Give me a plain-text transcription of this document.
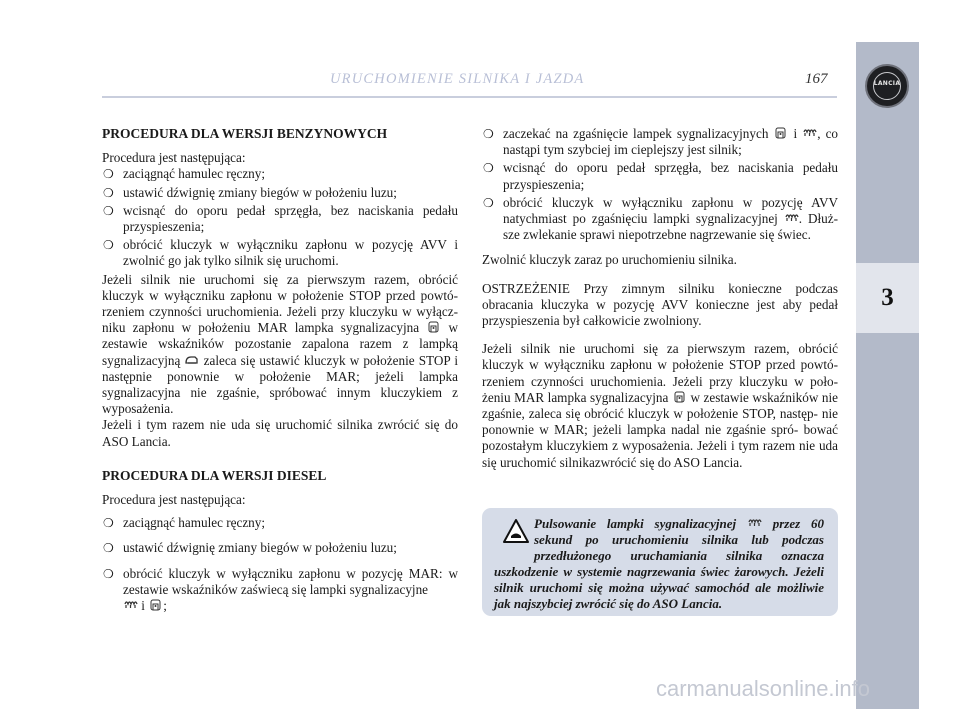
URUCHOMIENIE SILNIKA I JAZDA	167	LANCIA
3
PROCEDURA DLA WERSJI BENZYNOWYCH

Procedura jest następująca:

❍ zaciągnąć hamulec ręczny;
❍ ustawić dźwignię zmiany biegów w położeniu luzu;
❍ wcisnąć do oporu pedał sprzęgła, bez naciskania pedału przyspieszenia;
❍ obrócić kluczyk w wyłączniku zapłonu w pozycję AVV i zwolnić go jak tylko silnik się uruchomi.

Jeżeli silnik nie uruchomi się za pierwszym razem, obrócić kluczyk w wyłączniku zapłonu w położenie STOP przed powtó- rzeniem czynności uruchomienia. Jeżeli przy kluczyku w wyłącz- niku zapłonu w położeniu MAR lampka sygnalizacyjna w zestawie wskaźników pozostanie zapalona razem z lampką sygnalizacyjną zaleca się ustawić kluczyk w położenie STOP i następnie ponownie w położenie MAR; jeżeli lampka sygnalizacyjna nie zgaśnie, spróbować innym kluczykiem z wyposażenia.

Jeżeli i tym razem nie uda się uruchomić silnika zwrócić się do ASO Lancia.

PROCEDURA DLA WERSJI DIESEL

Procedura jest następująca:

❍ zaciągnąć hamulec ręczny;
❍ ustawić dźwignię zmiany biegów w położeniu luzu;
❍ obrócić kluczyk w wyłączniku zapłonu w pozycję MAR: w zestawie wskaźników zaświecą się lampki sygnalizacyjne
i ;
❍ zaczekać na zgaśnięcie lampek sygnalizacyjnych i , co nastąpi tym szybciej im cieplejszy jest silnik;
❍ wcisnąć do oporu pedał sprzęgła, bez naciskania pedału przyspieszenia;
❍ obrócić kluczyk w wyłączniku zapłonu w pozycję AVV natychmiast po zgaśnięciu lampki sygnalizacyjnej . Dłuż- sze zwlekanie sprawi niepotrzebne nagrzewanie się świec.

Zwolnić kluczyk zaraz po uruchomieniu silnika.

OSTRZEŻENIE Przy zimnym silniku konieczne podczas obracania kluczyka w pozycję AVV konieczne jest aby pedał przyspieszenia był całkowicie zwolniony.

Jeżeli silnik nie uruchomi się za pierwszym razem, obrócić kluczyk w wyłączniku zapłonu w położenie STOP przed powtó- rzeniem czynności uruchomienia. Jeżeli przy kluczyku w poło- żeniu MAR lampka sygnalizacyjna w zestawie wskaźników nie zgaśnie, zaleca się obrócić kluczyk w położenie STOP, następ- nie ponownie w MAR; jeżeli lampka nadal nie zgaśnie spró- bować pozostałym kluczykiem z wyposażenia. Jeżeli i tym razem nie uda się uruchomić silnikazwrócić się do ASO Lancia.

Pulsowanie lampki sygnalizacyjnej	przez 60 sekund po uruchomieniu silnika lub podczas przedłużonego uruchamiania silnika oznacza uszkodzenie w systemie nagrzewania świec żarowych. Jeżeli silnik uruchomi się można używać samochód ale możliwie jak najszybciej zwrócić się do ASO Lancia.
carmanualsonline.info
